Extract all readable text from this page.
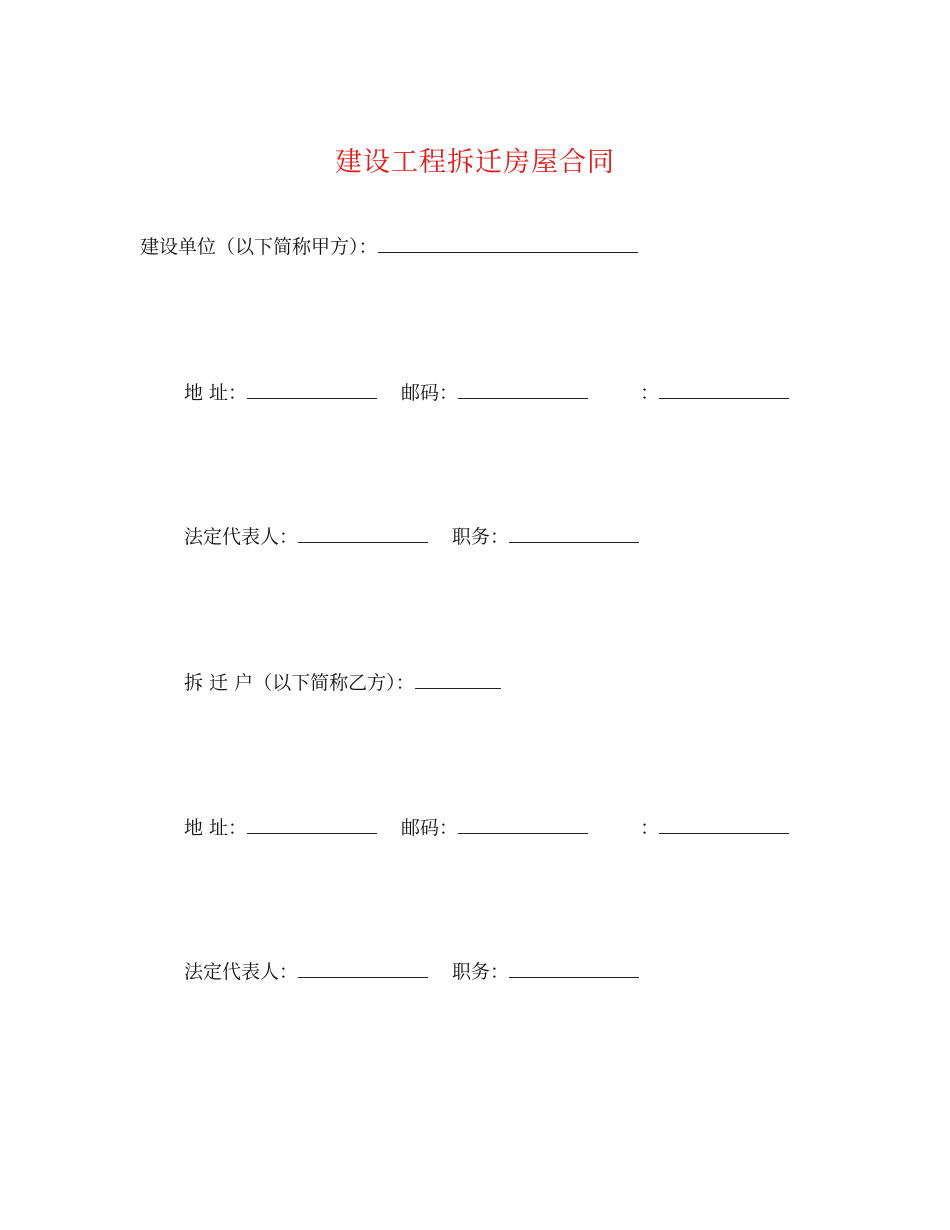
建设工程拆迁房屋合同
建设单位（以下简称甲方）：
地 址：	邮码：	：
法定代表人：	职务：
拆 迁 户（以下简称乙方）：
地 址：	邮码：	：
法定代表人：	职务：
